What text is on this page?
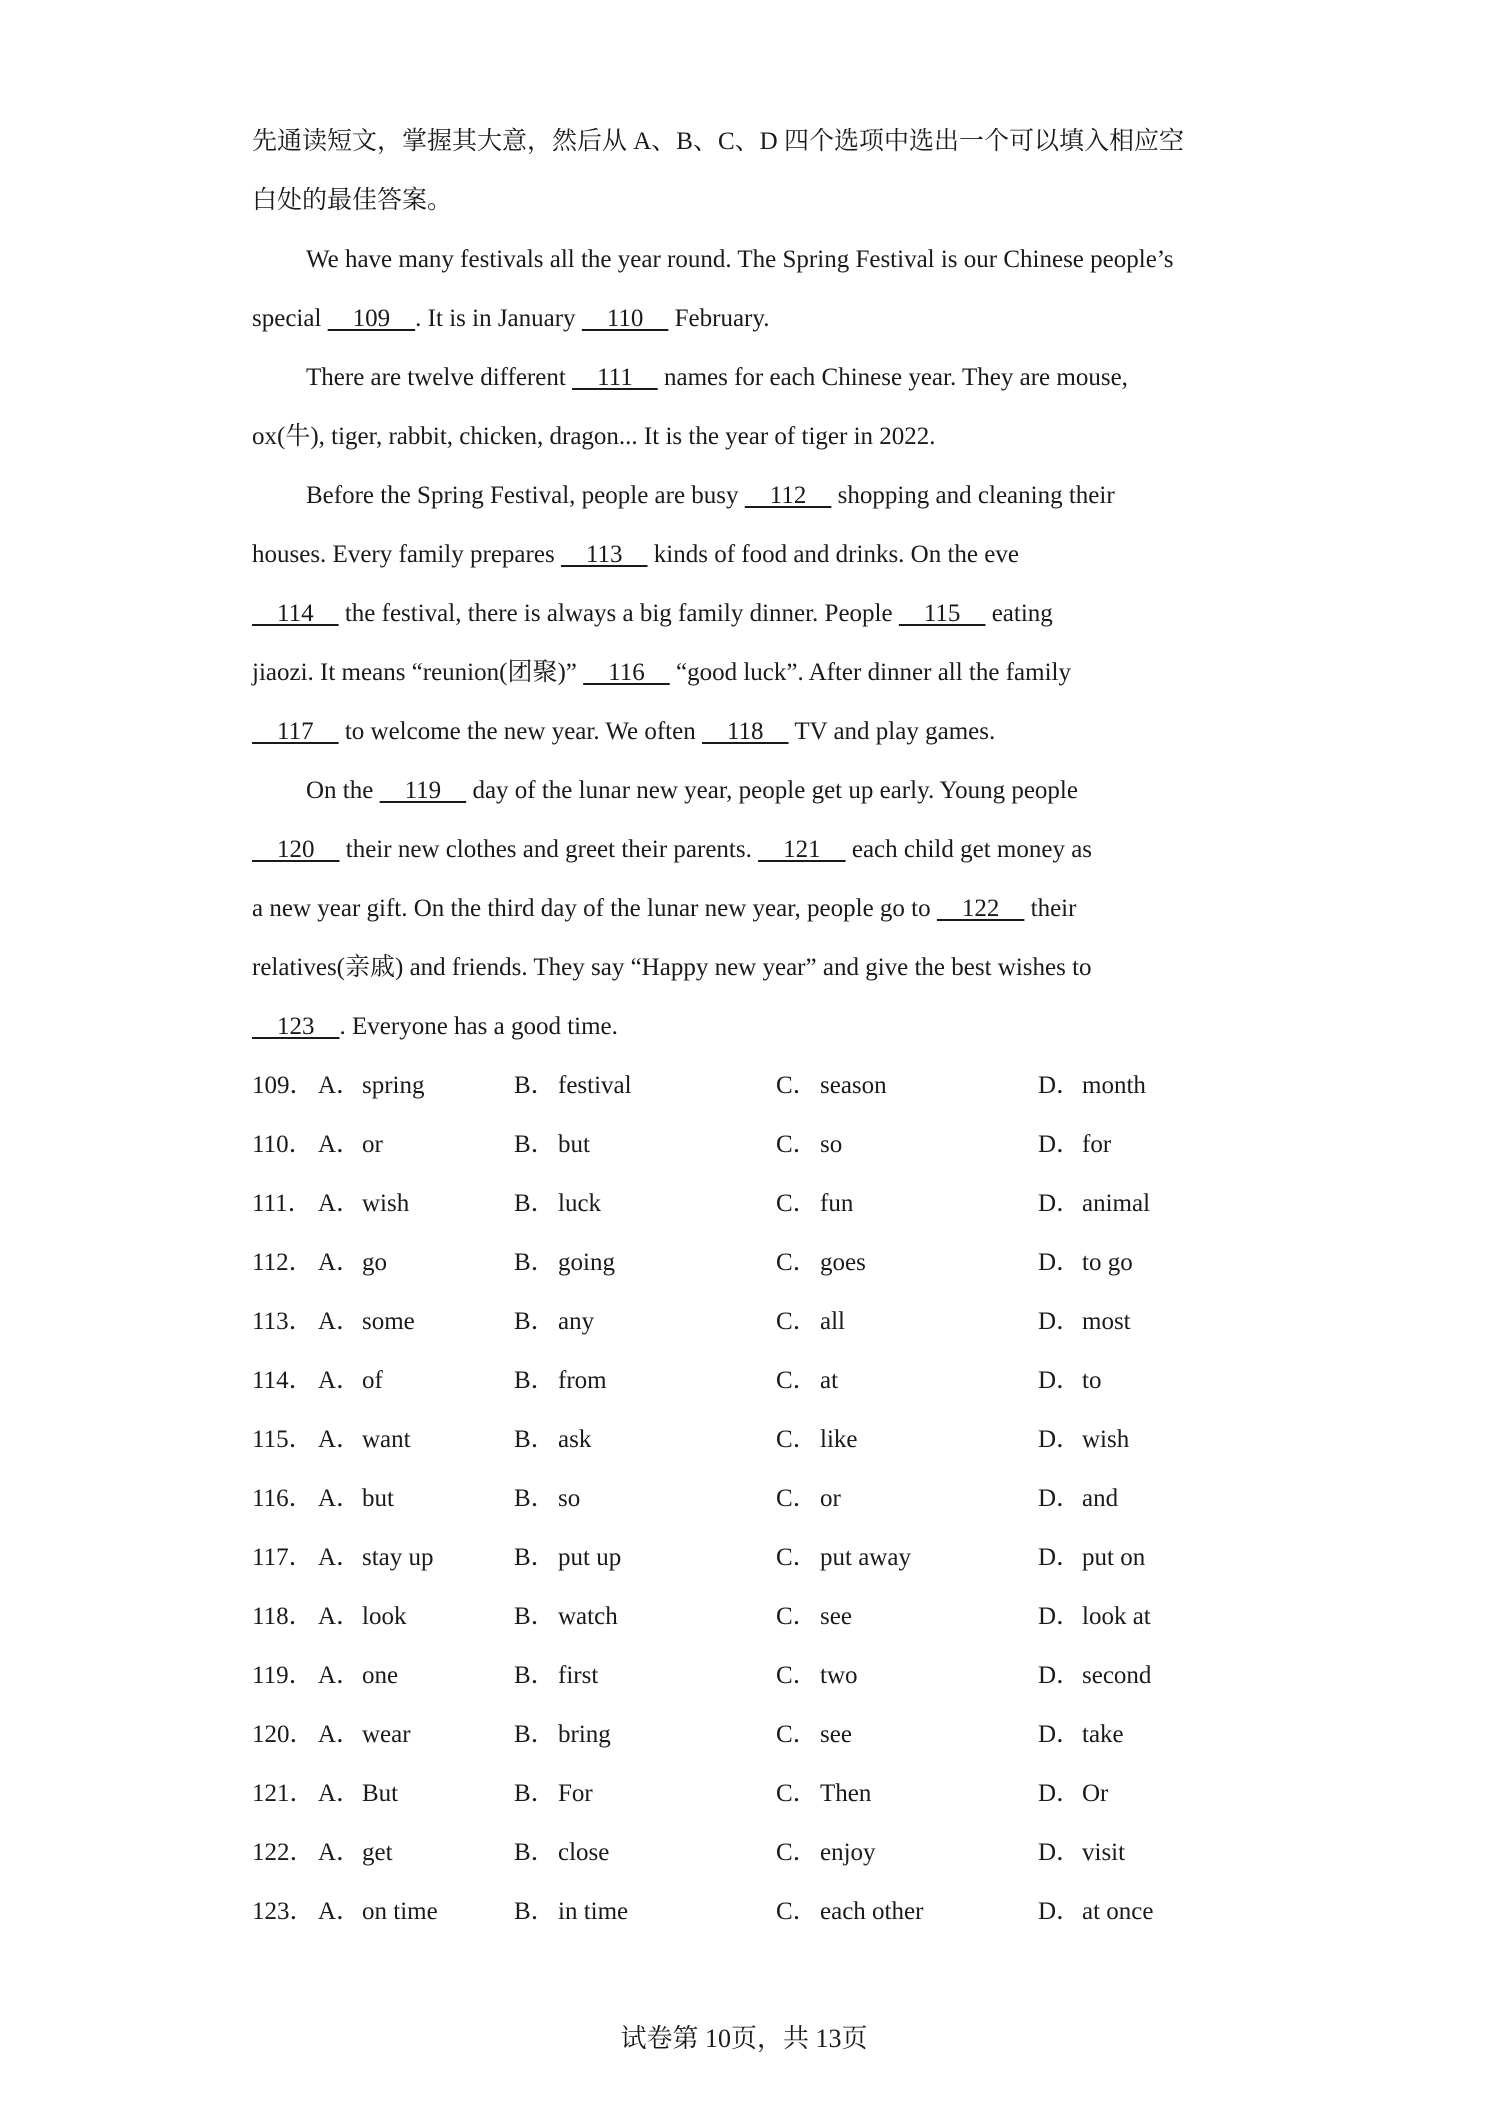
先通读短文，掌握其大意，然后从 A、B、C、D 四个选项中选出一个可以填入相应空
白处的最佳答案。
We have many festivals all the year round. The Spring Festival is our Chinese people’s
special     109    . It is in January     110     February.
There are twelve different     111     names for each Chinese year. They are mouse,
ox(牛), tiger, rabbit, chicken, dragon... It is the year of tiger in 2022.
Before the Spring Festival, people are busy     112     shopping and cleaning their
houses. Every family prepares     113     kinds of food and drinks. On the eve
114     the festival, there is always a big family dinner. People     115     eating
jiaozi. It means “reunion(团聚)”     116     “good luck”. After dinner all the family
117     to welcome the new year. We often     118     TV and play games.
On the     119     day of the lunar new year, people get up early. Young people
120     their new clothes and greet their parents.     121     each child get money as
a new year gift. On the third day of the lunar new year, people go to     122     their
relatives(亲戚) and friends. They say “Happy new year” and give the best wishes to
123    . Everyone has a good time.
109． A．spring	B．festival	C．season	D．month
110． A．or	B．but	C．so	D．for
111． A．wish	B．luck	C．fun	D．animal
112． A．go	B．going	C．goes	D．to go
113． A．some	B．any	C．all	D．most
114． A．of	B．from	C．at	D．to
115． A．want	B．ask	C．like	D．wish
116． A．but	B．so	C．or	D．and
117． A．stay up	B．put up	C．put away	D．put on
118． A．look	B．watch	C．see	D．look at
119． A．one	B．first	C．two	D．second
120． A．wear	B．bring	C．see	D．take
121． A．But	B．For	C．Then	D．Or
122． A．get	B．close	C．enjoy	D．visit
123． A．on time	B．in time	C．each other	D．at once
试卷第 10页，共 13页
